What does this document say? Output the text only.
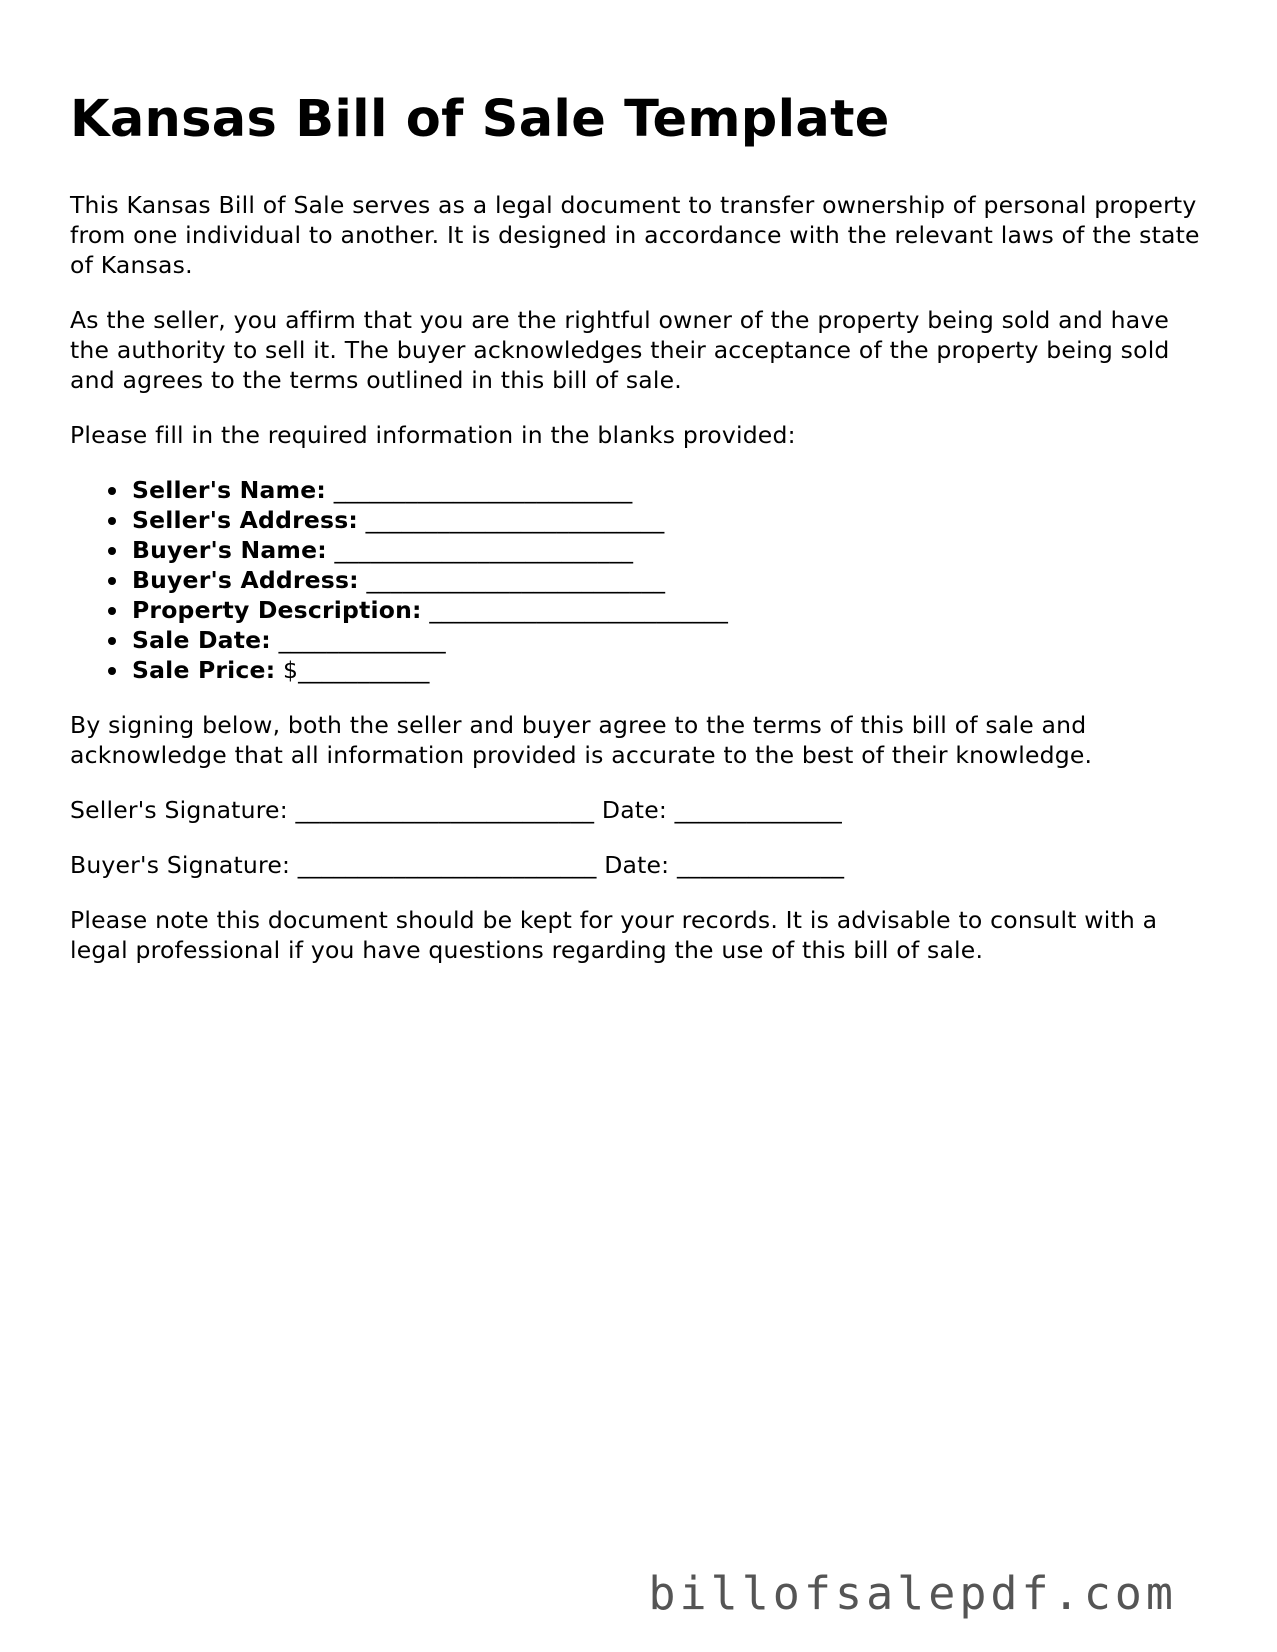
Kansas Bill of Sale Template

This Kansas Bill of Sale serves as a legal document to transfer ownership of personal property from one individual to another. It is designed in accordance with the relevant laws of the state of Kansas.

As the seller, you affirm that you are the rightful owner of the property being sold and have the authority to sell it. The buyer acknowledges their acceptance of the property being sold and agrees to the terms outlined in this bill of sale.

Please fill in the required information in the blanks provided:

Seller's Name: _________________________
Seller's Address: _________________________
Buyer's Name: _________________________
Buyer's Address: _________________________
Property Description: _________________________
Sale Date: ______________
Sale Price: $___________

By signing below, both the seller and buyer agree to the terms of this bill of sale and acknowledge that all information provided is accurate to the best of their knowledge.

Seller's Signature: _________________________ Date: ______________

Buyer's Signature: _________________________ Date: ______________

Please note this document should be kept for your records. It is advisable to consult with a legal professional if you have questions regarding the use of this bill of sale.

billofsalepdf.com
